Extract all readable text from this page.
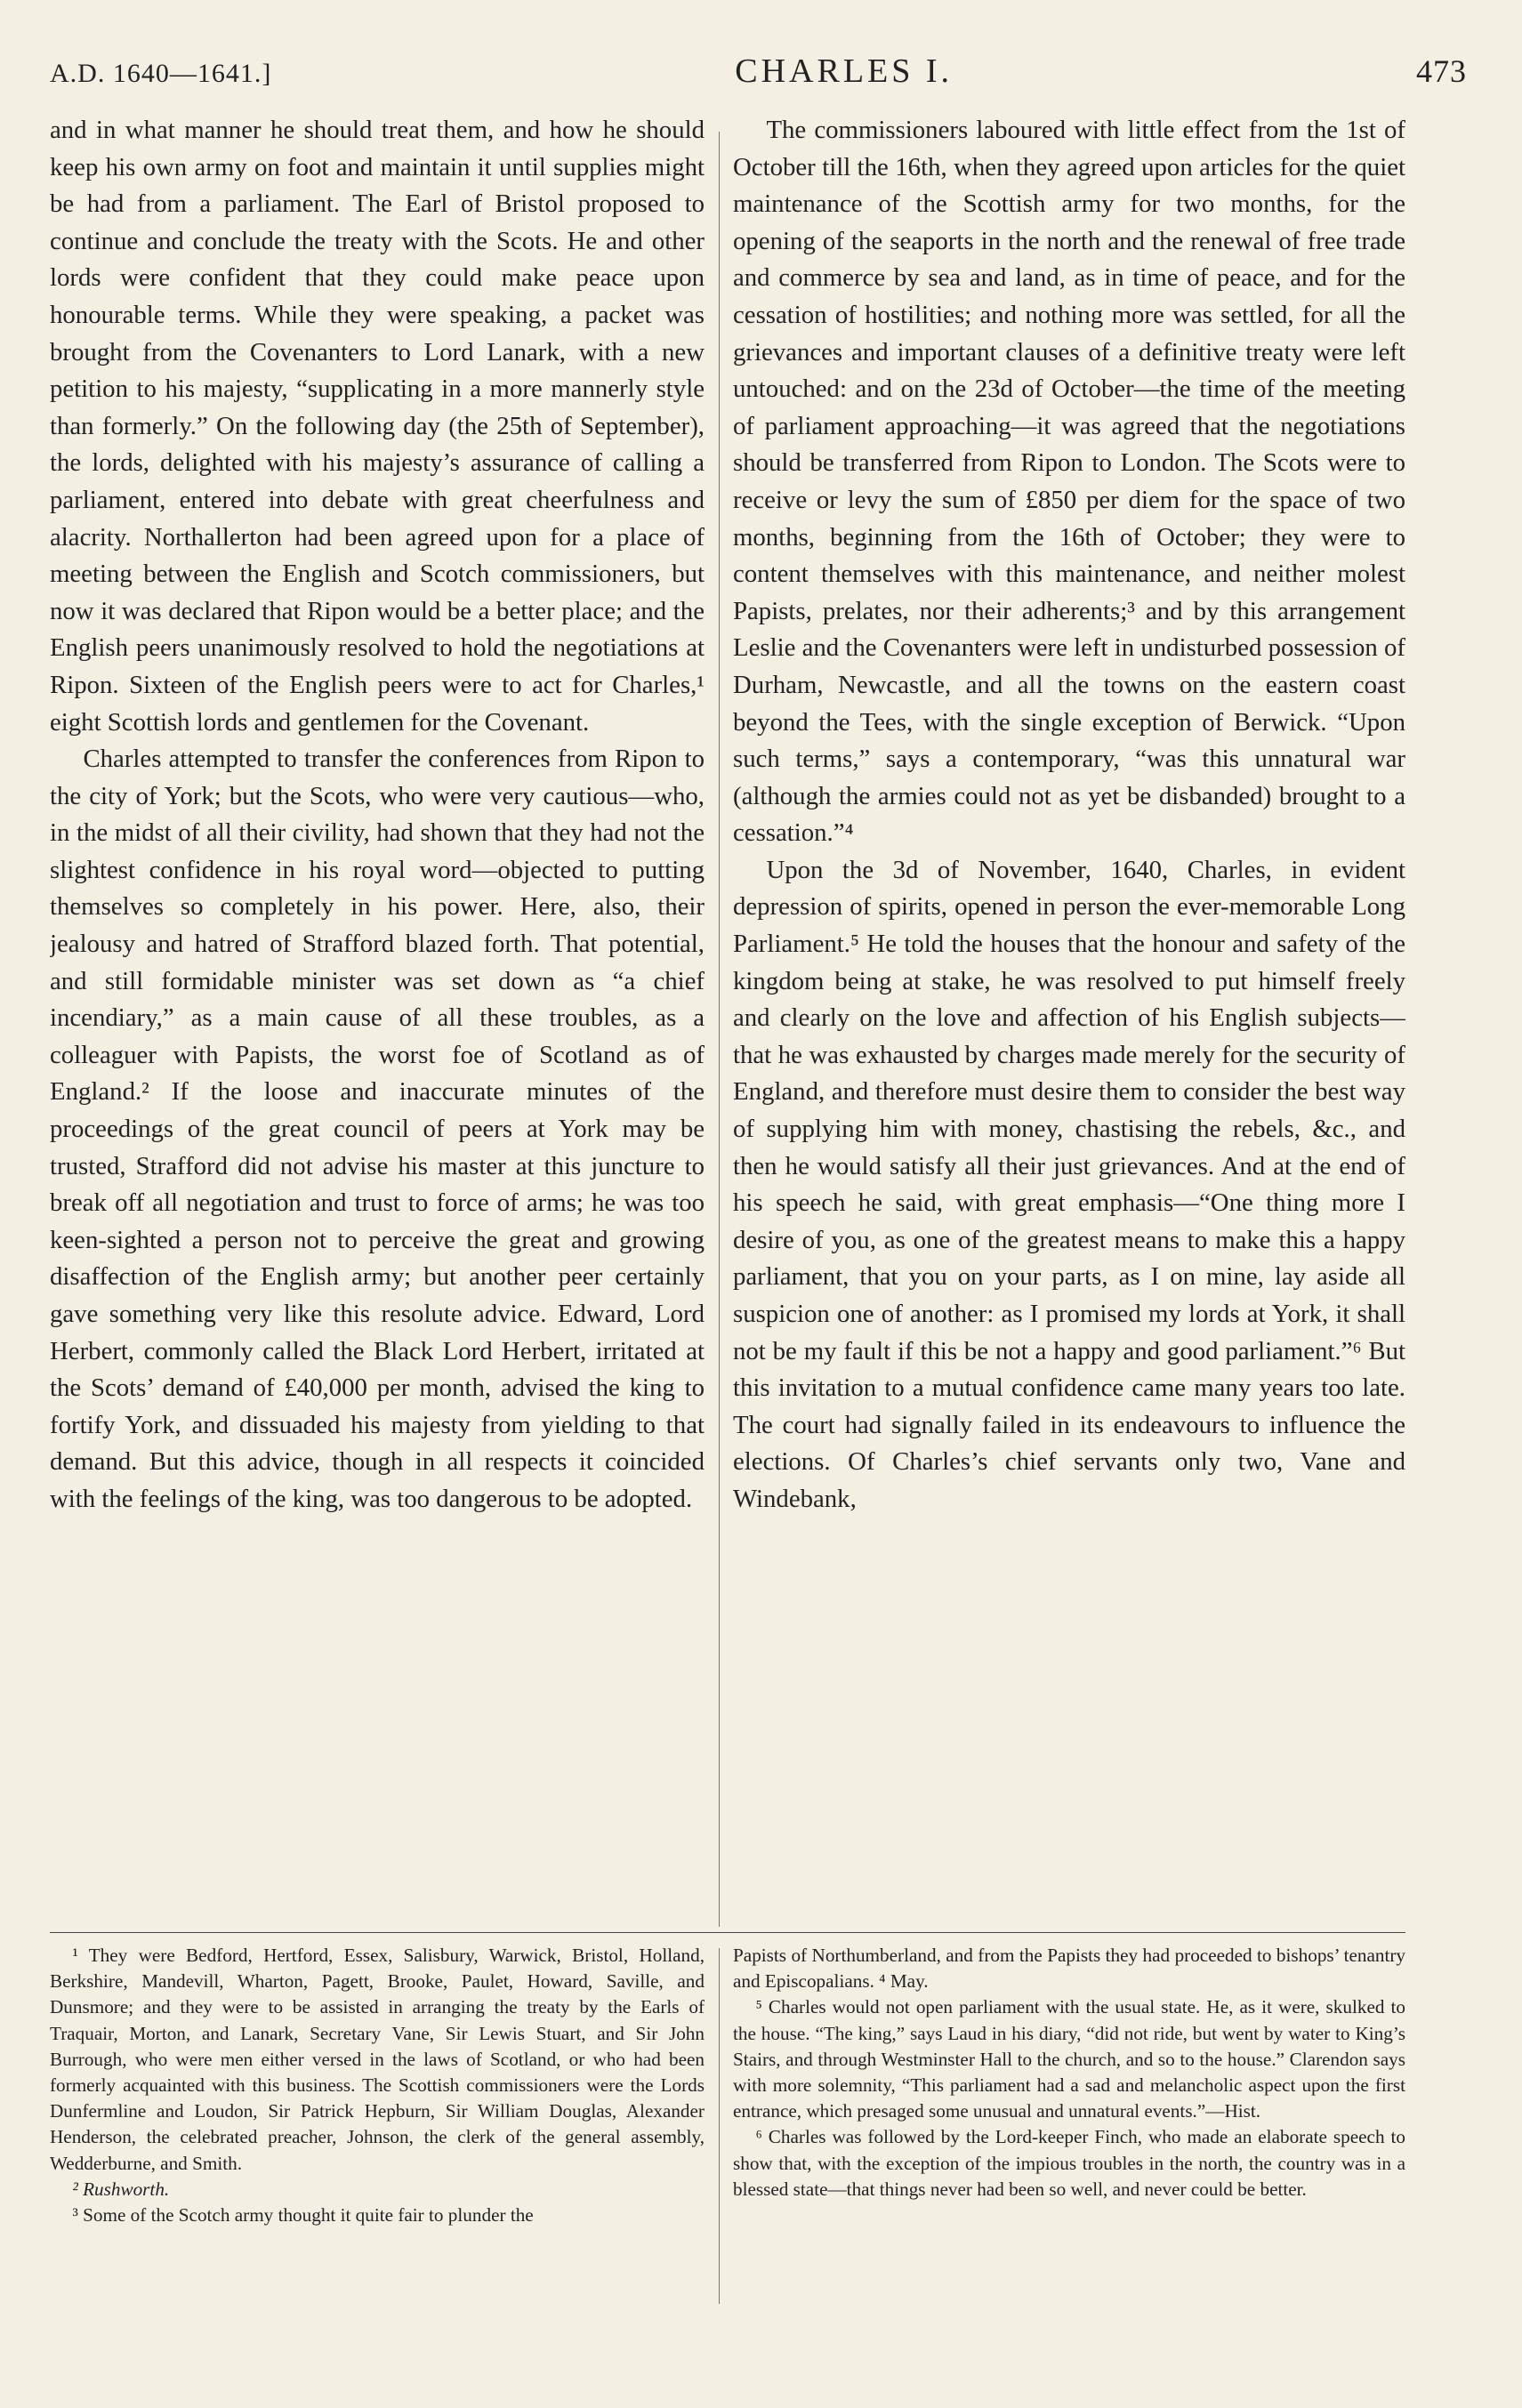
A.D. 1640—1641.]	CHARLES I.	473

and in what manner he should treat them, and how he should keep his own army on foot and maintain it until supplies might be had from a parliament. The Earl of Bristol proposed to continue and conclude the treaty with the Scots. He and other lords were confident that they could make peace upon honourable terms. While they were speaking, a packet was brought from the Covenanters to Lord Lanark, with a new petition to his majesty, “supplicating in a more mannerly style than formerly.” On the following day (the 25th of September), the lords, delighted with his majesty’s assurance of calling a parliament, entered into debate with great cheerfulness and alacrity. Northallerton had been agreed upon for a place of meeting between the English and Scotch commissioners, but now it was declared that Ripon would be a better place; and the English peers unanimously resolved to hold the negotiations at Ripon. Sixteen of the English peers were to act for Charles,¹ eight Scottish lords and gentlemen for the Covenant.

Charles attempted to transfer the conferences from Ripon to the city of York; but the Scots, who were very cautious—who, in the midst of all their civility, had shown that they had not the slightest confidence in his royal word—objected to putting themselves so completely in his power. Here, also, their jealousy and hatred of Strafford blazed forth. That potential, and still formidable minister was set down as “a chief incendiary,” as a main cause of all these troubles, as a colleaguer with Papists, the worst foe of Scotland as of England.² If the loose and inaccurate minutes of the proceedings of the great council of peers at York may be trusted, Strafford did not advise his master at this juncture to break off all negotiation and trust to force of arms; he was too keen-sighted a person not to perceive the great and growing disaffection of the English army; but another peer certainly gave something very like this resolute advice. Edward, Lord Herbert, commonly called the Black Lord Herbert, irritated at the Scots’ demand of £40,000 per month, advised the king to fortify York, and dissuaded his majesty from yielding to that demand. But this advice, though in all respects it coincided with the feelings of the king, was too dangerous to be adopted.

The commissioners laboured with little effect from the 1st of October till the 16th, when they agreed upon articles for the quiet maintenance of the Scottish army for two months, for the opening of the seaports in the north and the renewal of free trade and commerce by sea and land, as in time of peace, and for the cessation of hostilities; and nothing more was settled, for all the grievances and important clauses of a definitive treaty were left untouched: and on the 23d of October—the time of the meeting of parliament approaching—it was agreed that the negotiations should be transferred from Ripon to London. The Scots were to receive or levy the sum of £850 per diem for the space of two months, beginning from the 16th of October; they were to content themselves with this maintenance, and neither molest Papists, prelates, nor their adherents;³ and by this arrangement Leslie and the Covenanters were left in undisturbed possession of Durham, Newcastle, and all the towns on the eastern coast beyond the Tees, with the single exception of Berwick. “Upon such terms,” says a contemporary, “was this unnatural war (although the armies could not as yet be disbanded) brought to a cessation.”⁴

Upon the 3d of November, 1640, Charles, in evident depression of spirits, opened in person the ever-memorable Long Parliament.⁵ He told the houses that the honour and safety of the kingdom being at stake, he was resolved to put himself freely and clearly on the love and affection of his English subjects—that he was exhausted by charges made merely for the security of England, and therefore must desire them to consider the best way of supplying him with money, chastising the rebels, &c., and then he would satisfy all their just grievances. And at the end of his speech he said, with great emphasis—“One thing more I desire of you, as one of the greatest means to make this a happy parliament, that you on your parts, as I on mine, lay aside all suspicion one of another: as I promised my lords at York, it shall not be my fault if this be not a happy and good parliament.”⁶ But this invitation to a mutual confidence came many years too late. The court had signally failed in its endeavours to influence the elections. Of Charles’s chief servants only two, Vane and Windebank,

¹ They were Bedford, Hertford, Essex, Salisbury, Warwick, Bristol, Holland, Berkshire, Mandevill, Wharton, Pagett, Brooke, Paulet, Howard, Saville, and Dunsmore; and they were to be assisted in arranging the treaty by the Earls of Traquair, Morton, and Lanark, Secretary Vane, Sir Lewis Stuart, and Sir John Burrough, who were men either versed in the laws of Scotland, or who had been formerly acquainted with this business. The Scottish commissioners were the Lords Dunfermline and Loudon, Sir Patrick Hepburn, Sir William Douglas, Alexander Henderson, the celebrated preacher, Johnson, the clerk of the general assembly, Wedderburne, and Smith.

² Rushworth.

³ Some of the Scotch army thought it quite fair to plunder the

Papists of Northumberland, and from the Papists they had proceeded to bishops’ tenantry and Episcopalians. ⁴ May.

⁵ Charles would not open parliament with the usual state. He, as it were, skulked to the house. “The king,” says Laud in his diary, “did not ride, but went by water to King’s Stairs, and through Westminster Hall to the church, and so to the house.” Clarendon says with more solemnity, “This parliament had a sad and melancholic aspect upon the first entrance, which presaged some unusual and unnatural events.”—Hist.

⁶ Charles was followed by the Lord-keeper Finch, who made an elaborate speech to show that, with the exception of the impious troubles in the north, the country was in a blessed state—that things never had been so well, and never could be better.
